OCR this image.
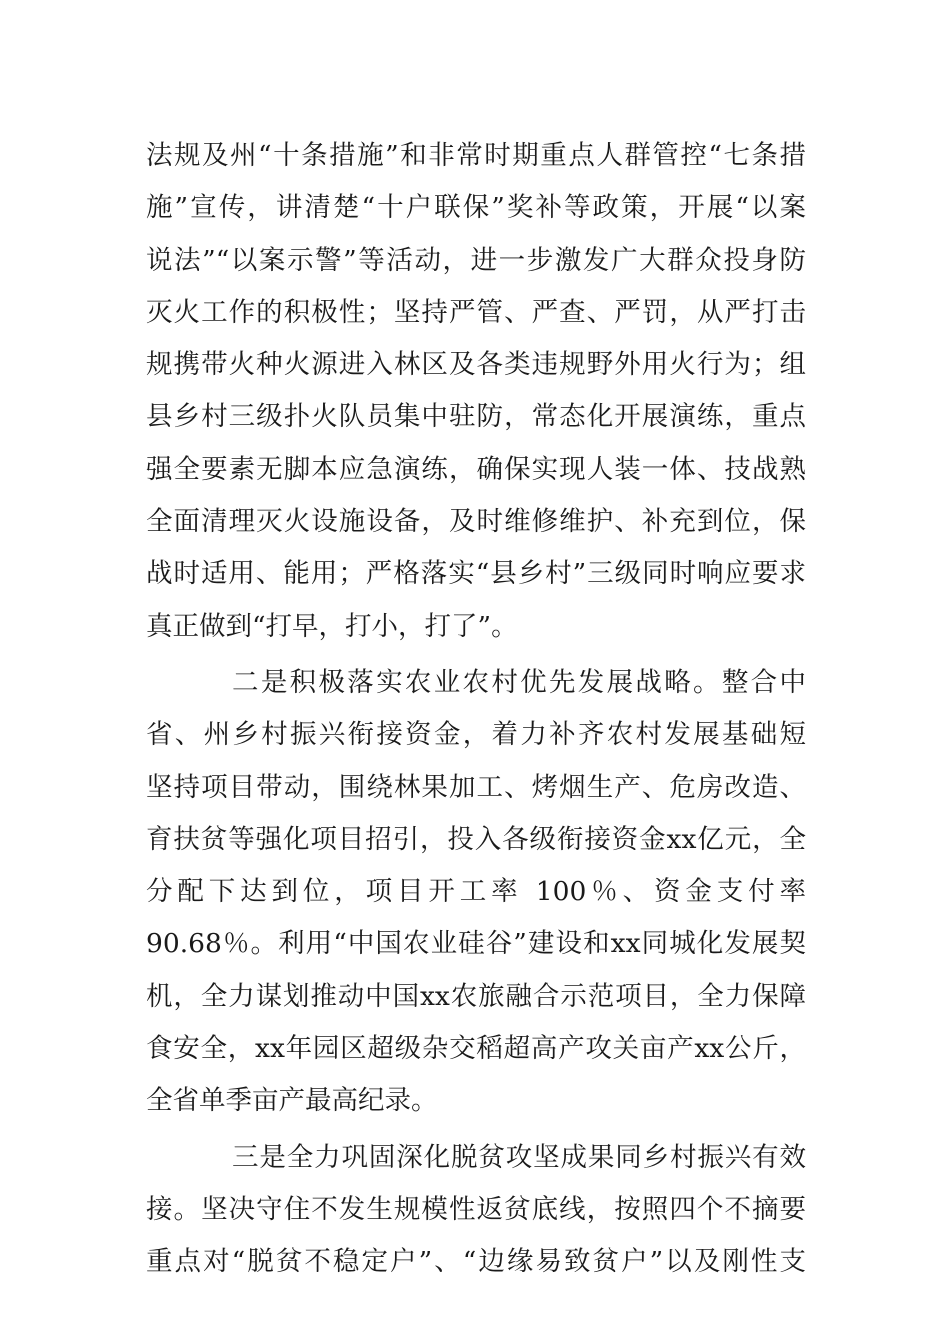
法规及州“十条措施”和非常时期重点人群管控“七条措
施”宣传，讲清楚“十户联保”奖补等政策，开展“以案
说法”“以案示警”等活动，进一步激发广大群众投身防
灭火工作的积极性；坚持严管、严查、严罚，从严打击
规携带火种火源进入林区及各类违规野外用火行为；组
县乡村三级扑火队员集中驻防，常态化开展演练，重点
强全要素无脚本应急演练，确保实现人装一体、技战熟
全面清理灭火设施设备，及时维修维护、补充到位，保
战时适用、能用；严格落实“县乡村”三级同时响应要求
真正做到“打早，打小，打了”。
二是积极落实农业农村优先发展战略。整合中
省、州乡村振兴衔接资金，着力补齐农村发展基础短
坚持项目带动，围绕林果加工、烤烟生产、危房改造、
育扶贫等强化项目招引，投入各级衔接资金xx亿元，全
分配下达到位，项目开工率 100％、资金支付率
90.68％。利用“中国农业硅谷”建设和xx同城化发展契
机，全力谋划推动中国xx农旅融合示范项目，全力保障
食安全，xx年园区超级杂交稻超高产攻关亩产xx公斤，
全省单季亩产最高纪录。
三是全力巩固深化脱贫攻坚成果同乡村振兴有效
接。坚决守住不发生规模性返贫底线，按照四个不摘要
重点对“脱贫不稳定户”、“边缘易致贫户”以及刚性支
